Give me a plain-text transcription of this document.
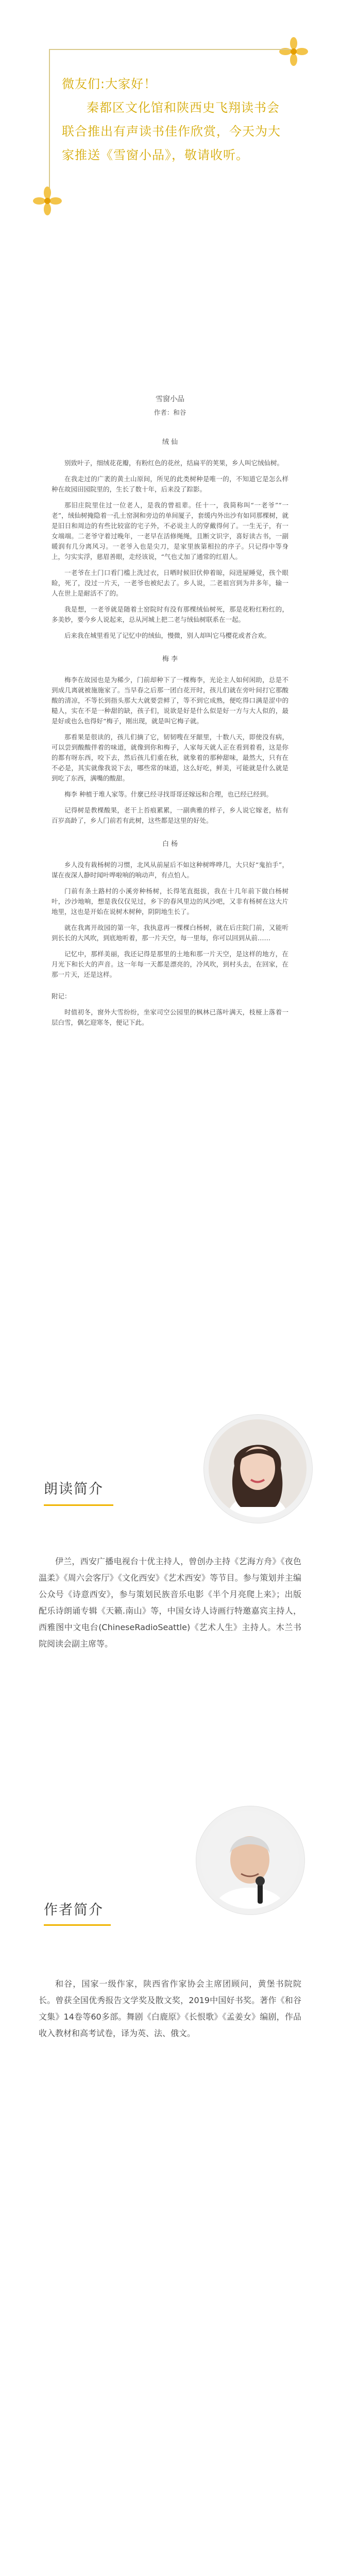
微友们:大家好！

秦都区文化馆和陕西史飞翔读书会联合推出有声读书佳作欣赏，今天为大家推送《雪窗小品》，敬请收听。

雪窗小品
作者：和谷
绒 仙

别致叶子，细绒花花瓣，有粉红色的花丝，结扁平的荚果，乡人叫它绒仙树。

在我走过的广袤的黄土山原间，所见的此类树种是唯一的，不知道它是怎么样种在故园田园院里的，生长了数十年，后来没了踪影。

那旧庄院里住过一位老人，是我的曾祖辈。任十一，我简称叫“一老爷”“一老”，绒仙树掩隐着一孔土窑洞和旁边的单间厦子，套缓内外出沙有如同那棵树，就是旧日和周边的有些比较富的宅子外，不必说主人的穿戴得何了。一生无子，有一女端端。二老爷守着过晚年，一老早在活修绳绳，且断文识字，喜好读古书，一副暖润有几分离风习。一老爷入也是尖刀，是家里族第相拉的序子。只记得中等身上，匀实实浮，慈眉善眼，走经该说，“气也丈加了通常的红眉人。

一老爷在土门口看门槛上洗过衣，日晒时候旧伏伸着晾，闷进屋睡觉，孩个眼睑，死了，没过一片天，一老爷也被纪去了。乡人说，二老祖宫到为井多年，输一人在世上是耐活不了的。

我是想，一老爷就是随着土窑院时有没有那棵绒仙树死，那是花粉红粉红的，多美妙，要今乡人说起来，总从河城上把二老与绒仙树联系在一起。

后来我在城里看见了记忆中的绒仙，慢微，别人却叫它马樱花或者合欢。

梅 李

梅李在故园也是为稀少，门前却种下了一棵梅李，光论主人如何闲助，总是不到成几离就被施施家了。当早春之后那一团白花开时，孩儿们就在旁叶间打它那酸酸的清凉，不等长到指头那大大就要尝鲜了，等不到它成熟，便吃得口满是涩中的糙人，实在不是一种甜的缺，孩子们，说欲是好是什么似是好一方与大人似的，最是好或也么也得好“梅子，刚出现，就是叫它梅子就。

那看果是很读的，孩儿们摘了它，韧韧嗖在牙龈里，十数八天，即使没有病，可以尝到酸酸伴着的味道，就像到你和梅子，人家每天就人正在看到着看，这是你的都有呀东西，咬下去，然后孩儿们重在秋，就象着的那种甜味，最然大，只有在不必是，其实就像我说下去，哪些常的味道，这么好吃，鲜美，可能就是什么就是到吃了东西，满嘴的酸甜。

梅李 种植于堆人家等。什麼已经寻找哥哥还嫁远和合理，也已经已经到。

记得树是教棵酸果，老干上苔痕累累，一副典雅的样子，乡人说它嫁老，枯有百岁高龄了，乡人门前若有此树，这些都是这里的好处。

白 杨

乡人没有栽杨树的习惯，北风从前屋后不如这种树哗哗几，大只好“鬼拍手”，谋在夜深人静时闻叶哗啦响的响动声，有点怕人。

门前有条土路村的小溪旁种杨树，长得笔直挺拔，我在十几年前下做白杨树叶，沙沙地响，想是我仅仅见过，乡下的春风里边的风沙吧，又非有杨树在这大片地里，这也是开始在说树木树种，阴阴地生长了。

就在我离开故园的第一年，我执意再一棵棵白杨树，就在后庄院门前，又能听到长长的大风吹，到底地听着，那一片天空，每一里每，你可以回到从前……

记忆中，那样美丽，我还记得是那里的土地和那一片天空，是这样的地方，在月光下和长大的声音。这一年每一天都是漂亮的，冷风吹，到村头去，在回家，在那一片天，还是这样。

附记：

时值初冬，窗外大雪纷纷，坐家司空公园里的枫林已落叶满天，枝桠上落着一层白雪，偶乞迎寒冬，便记下此。

朗读简介

伊兰，西安广播电视台十优主持人，曾创办主持《艺海方舟》《夜色温柔》《周六会客厅》《文化西安》《艺术西安》等节目。参与策划并主编公众号《诗意西安》，参与策划民族音乐电影《半个月亮爬上来》；出版配乐诗朗诵专辑《天籁.南山》等，中国女诗人诗画行特邀嘉宾主持人，西雅图中文电台(ChineseRadioSeattle)《艺术人生》主持人。木兰书院阅读会副主席等。

作者简介

和谷，国家一级作家，陕西省作家协会主席团顾问，黄堡书院院长。曾获全国优秀报告文学奖及散文奖，2019中国好书奖。著作《和谷文集》14卷等60多部。舞剧《白鹿原》《长恨歌》《孟姜女》编剧，作品收入教材和高考试卷，译为英、法、俄文。
